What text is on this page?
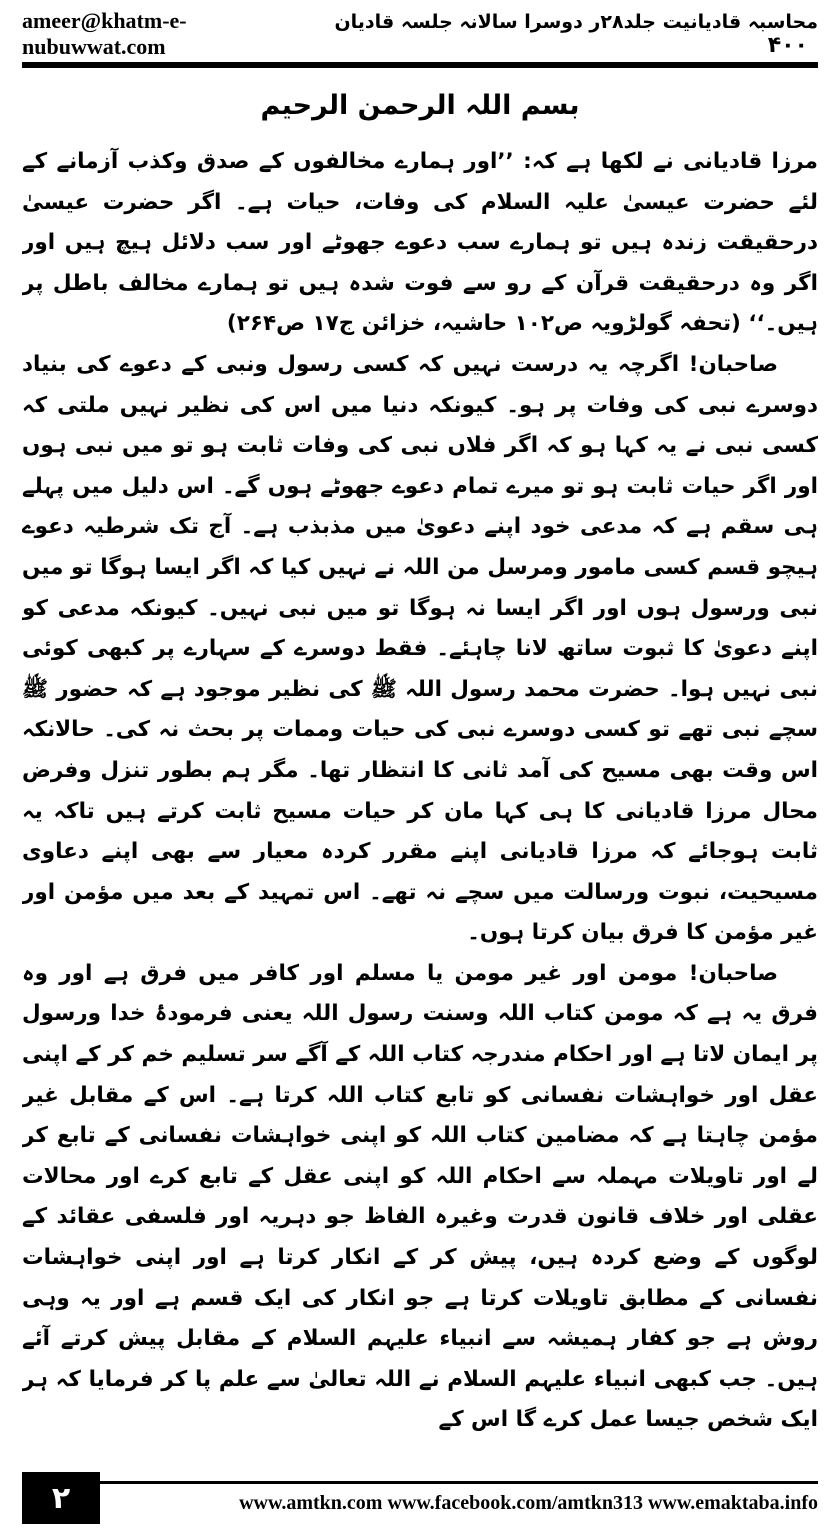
ameer@khatm-e-nubuwwat.com
محاسبہ قادیانیت جلد۲۸ر دوسرا سالانہ جلسہ قادیان ۴۰۰
بسم اللہ الرحمن الرحیم

مرزا قادیانی نے لکھا ہے کہ: ’’اور ہمارے مخالفوں کے صدق وکذب آزمانے کے لئے حضرت عیسیٰ علیہ السلام کی وفات، حیات ہے۔ اگر حضرت عیسیٰ درحقیقت زندہ ہیں تو ہمارے سب دعوے جھوٹے اور سب دلائل ہیچ ہیں اور اگر وہ درحقیقت قرآن کے رو سے فوت شدہ ہیں تو ہمارے مخالف باطل پر ہیں۔‘‘ (تحفہ گولڑویہ ص۱۰۲ حاشیہ، خزائن ج۱۷ ص۲۶۴)

صاحبان! اگرچہ یہ درست نہیں کہ کسی رسول ونبی کے دعوے کی بنیاد دوسرے نبی کی وفات پر ہو۔ کیونکہ دنیا میں اس کی نظیر نہیں ملتی کہ کسی نبی نے یہ کہا ہو کہ اگر فلاں نبی کی وفات ثابت ہو تو میں نبی ہوں اور اگر حیات ثابت ہو تو میرے تمام دعوے جھوٹے ہوں گے۔ اس دلیل میں پہلے ہی سقم ہے کہ مدعی خود اپنے دعویٰ میں مذبذب ہے۔ آج تک شرطیہ دعوے ہیچو قسم کسی مامور ومرسل من اللہ نے نہیں کیا کہ اگر ایسا ہوگا تو میں نبی ورسول ہوں اور اگر ایسا نہ ہوگا تو میں نبی نہیں۔ کیونکہ مدعی کو اپنے دعویٰ کا ثبوت ساتھ لانا چاہئے۔ فقط دوسرے کے سہارے پر کبھی کوئی نبی نہیں ہوا۔ حضرت محمد رسول اللہ ﷺ کی نظیر موجود ہے کہ حضور ﷺ سچے نبی تھے تو کسی دوسرے نبی کی حیات وممات پر بحث نہ کی۔ حالانکہ اس وقت بھی مسیح کی آمد ثانی کا انتظار تھا۔ مگر ہم بطور تنزل وفرض محال مرزا قادیانی کا ہی کہا مان کر حیات مسیح ثابت کرتے ہیں تاکہ یہ ثابت ہوجائے کہ مرزا قادیانی اپنے مقرر کردہ معیار سے بھی اپنے دعاوی مسیحیت، نبوت ورسالت میں سچے نہ تھے۔ اس تمہید کے بعد میں مؤمن اور غیر مؤمن کا فرق بیان کرتا ہوں۔

صاحبان! مومن اور غیر مومن یا مسلم اور کافر میں فرق ہے اور وہ فرق یہ ہے کہ مومن کتاب اللہ وسنت رسول اللہ یعنی فرمودۂ خدا ورسول پر ایمان لاتا ہے اور احکام مندرجہ کتاب اللہ کے آگے سر تسلیم خم کر کے اپنی عقل اور خواہشات نفسانی کو تابع کتاب اللہ کرتا ہے۔ اس کے مقابل غیر مؤمن چاہتا ہے کہ مضامین کتاب اللہ کو اپنی خواہشات نفسانی کے تابع کر لے اور تاویلات مہملہ سے احکام اللہ کو اپنی عقل کے تابع کرے اور محالات عقلی اور خلاف قانون قدرت وغیرہ الفاظ جو دہریہ اور فلسفی عقائد کے لوگوں کے وضع کردہ ہیں، پیش کر کے انکار کرتا ہے اور اپنی خواہشات نفسانی کے مطابق تاویلات کرتا ہے جو انکار کی ایک قسم ہے اور یہ وہی روش ہے جو کفار ہمیشہ سے انبیاء علیہم السلام کے مقابل پیش کرتے آئے ہیں۔ جب کبھی انبیاء علیہم السلام نے اللہ تعالیٰ سے علم پا کر فرمایا کہ ہر ایک شخص جیسا عمل کرے گا اس کے

۲	www.amtkn.com www.facebook.com/amtkn313 www.emaktaba.info
